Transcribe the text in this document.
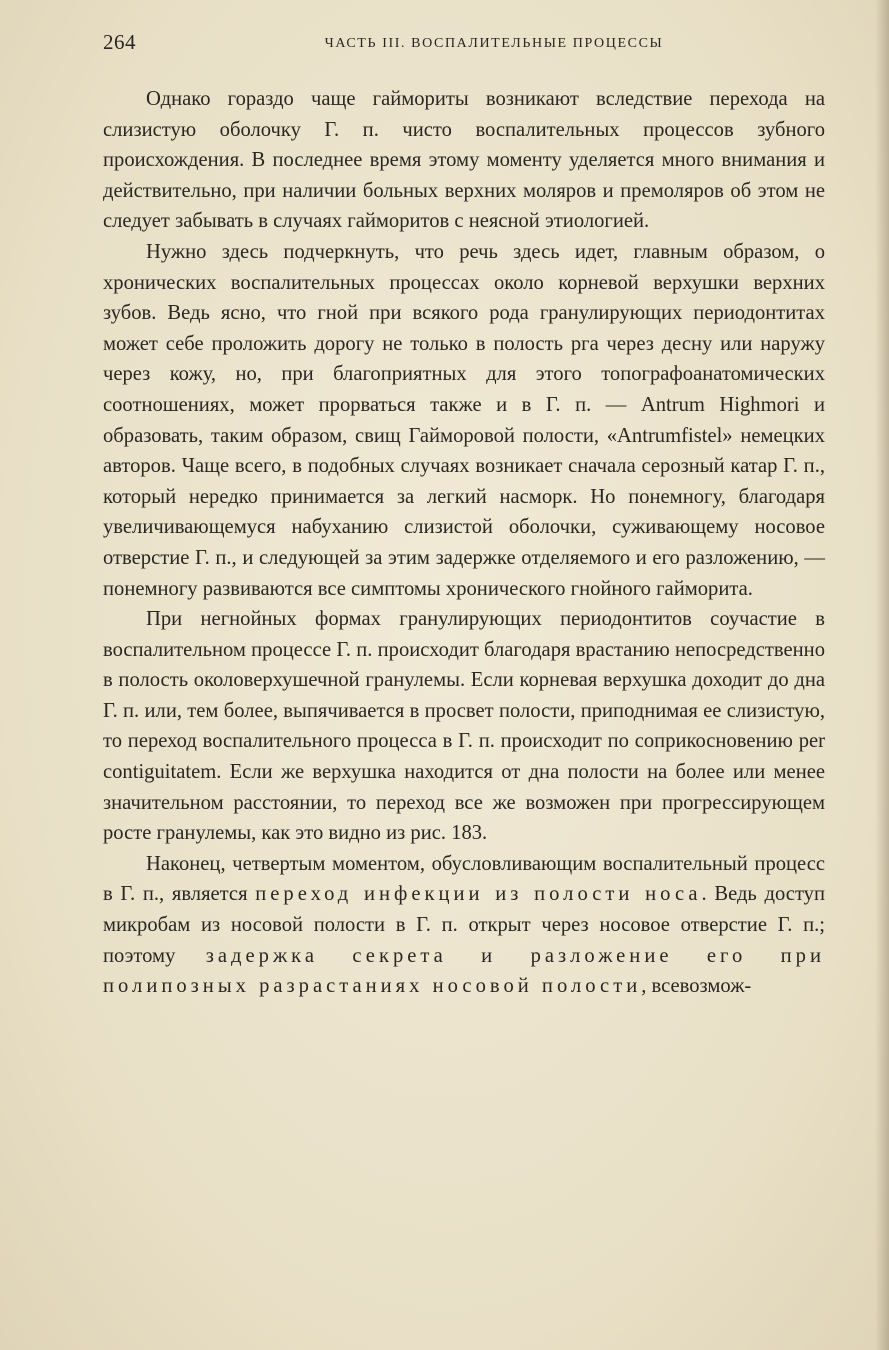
264	ЧАСТЬ III. ВОСПАЛИТЕЛЬНЫЕ ПРОЦЕССЫ

Однако гораздо чаще гаймориты возникают вследствие перехода на слизистую оболочку Г. п. чисто воспалительных процессов зубного происхождения. В последнее время этому моменту уделяется много внимания и действительно, при наличии больных верхних моляров и премоляров об этом не следует забывать в случаях гайморитов с неясной этиологией.

Нужно здесь подчеркнуть, что речь здесь идет, главным образом, о хронических воспалительных процессах около корневой верхушки верхних зубов. Ведь ясно, что гной при всякого рода гранулирующих периодонтитах может себе проложить дорогу не только в полость рга через десну или наружу через кожу, но, при благоприятных для этого топографоанатомических соотношениях, может прорваться также и в Г. п. — Antrum Highmori и образовать, таким образом, свищ Гайморовой полости, «Antrumfistel» немецких авторов. Чаще всего, в подобных случаях возникает сначала серозный катар Г. п., который нередко принимается за легкий насморк. Но понемногу, благодаря увеличивающемуся набуханию слизистой оболочки, суживающему носовое отверстие Г. п., и следующей за этим задержке отделяемого и его разложению, — понемногу развиваются все симптомы хронического гнойного гайморита.

При негнойных формах гранулирующих периодонтитов соучастие в воспалительном процессе Г. п. происходит благодаря врастанию непосредственно в полость околоверхушечной гранулемы. Если корневая верхушка доходит до дна Г. п. или, тем более, выпячивается в просвет полости, приподнимая ее слизистую, то переход воспалительного процесса в Г. п. происходит по соприкосновению per contiguitatem. Если же верхушка находится от дна полости на более или менее значительном расстоянии, то переход все же возможен при прогрессирующем росте гранулемы, как это видно из рис. 183.

Наконец, четвертым моментом, обусловливающим воспалительный процесс в Г. п., является переход инфекции из полости носа. Ведь доступ микробам из носовой полости в Г. п. открыт через носовое отверстие Г. п.; поэтому задержка секрета и разложение его при полипозных разрастаниях носовой полости, всевозмож-
